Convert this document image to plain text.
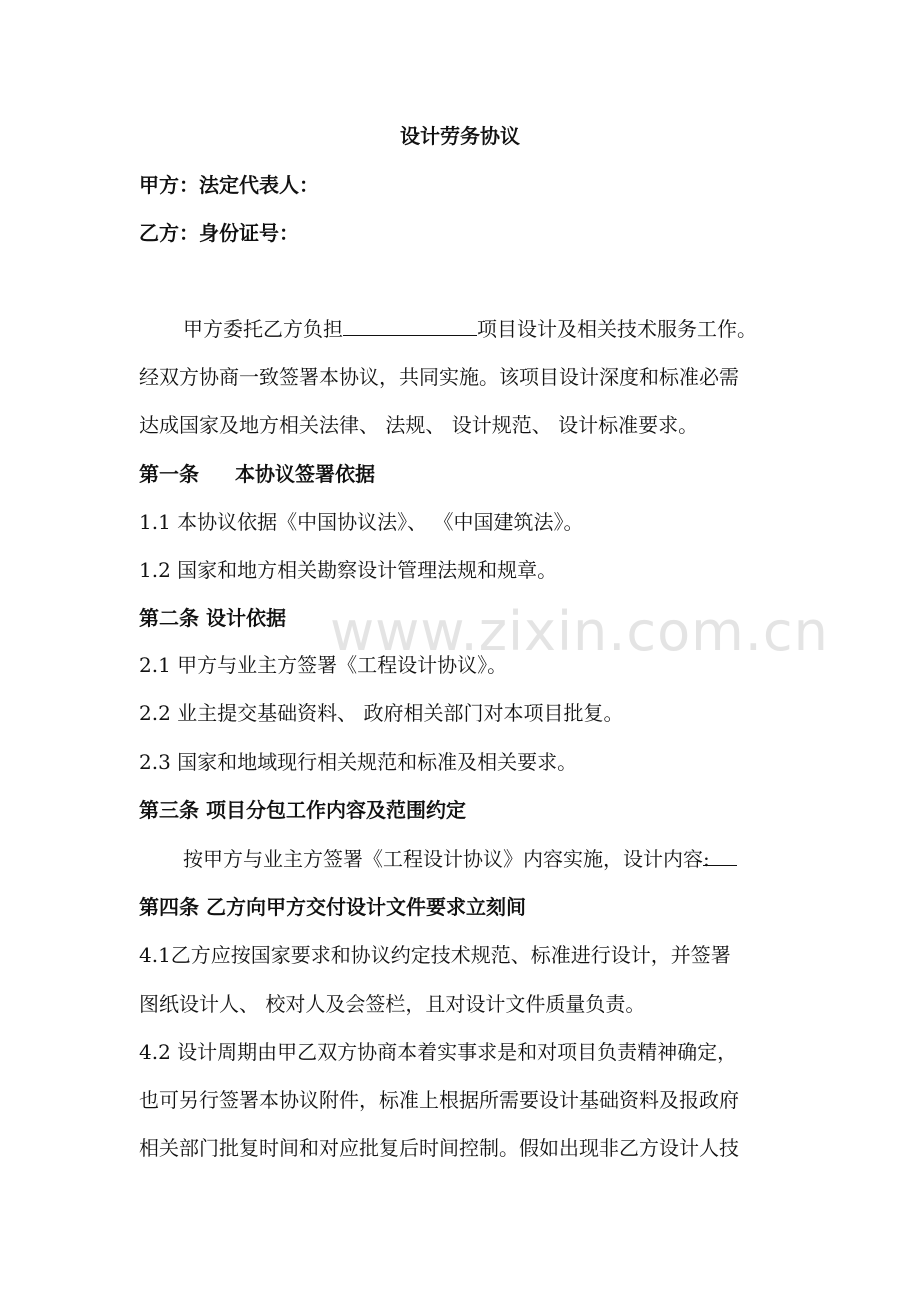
www.zixin.com.cn
设计劳务协议
甲方：法定代表人：
乙方：身份证号：
甲方委托乙方负担	项目设计及相关技术服务工作。
经双方协商一致签署本协议，共同实施。该项目设计深度和标准必需
达成国家及地方相关法律、 法规、 设计规范、 设计标准要求。
第一条 本协议签署依据
1.1 本协议依据《中国协议法》、 《中国建筑法》。
1.2 国家和地方相关勘察设计管理法规和规章。
第二条 设计依据
2.1 甲方与业主方签署《工程设计协议》。
2.2 业主提交基础资料、 政府相关部门对本项目批复。
2.3 国家和地域现行相关规范和标准及相关要求。
第三条 项目分包工作内容及范围约定
按甲方与业主方签署《工程设计协议》内容实施，设计内容:
第四条 乙方向甲方交付设计文件要求立刻间
4.1乙方应按国家要求和协议约定技术规范、标准进行设计，并签署
图纸设计人、 校对人及会签栏，且对设计文件质量负责。
4.2 设计周期由甲乙双方协商本着实事求是和对项目负责精神确定，
也可另行签署本协议附件，标准上根据所需要设计基础资料及报政府
相关部门批复时间和对应批复后时间控制。假如出现非乙方设计人技
